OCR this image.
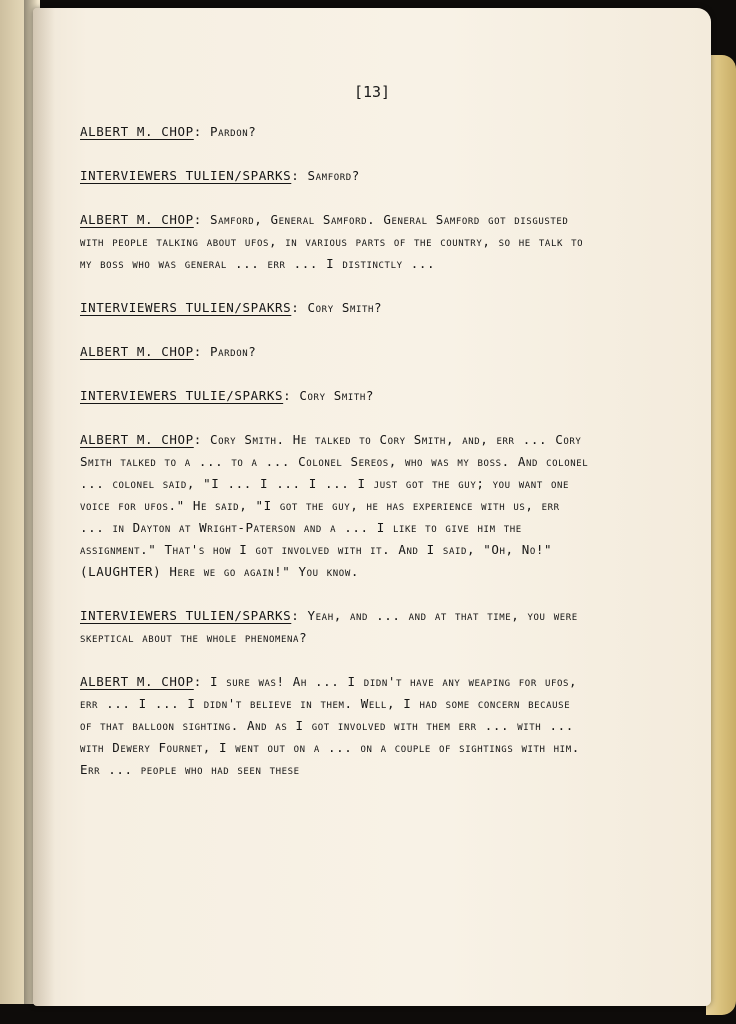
[13]

ALBERT M. CHOP: Pardon?

INTERVIEWERS TULIEN/SPARKS: Samford?

ALBERT M. CHOP: Samford, General Samford. General Samford got disgusted with people talking about ufos, in various parts of the country, so he talk to my boss who was general ... err ... I distinctly ...

INTERVIEWERS TULIEN/SPAKRS: Cory Smith?

ALBERT M. CHOP: Pardon?

INTERVIEWERS TULIE/SPARKS: Cory Smith?

ALBERT M. CHOP: Cory Smith. He talked to Cory Smith, and, err ... Cory Smith talked to a ... to a ... Colonel Sereos, who was my boss. And colonel ... colonel said, "I ... I ... I ... I just got the guy; you want one voice for ufos." He said, "I got the guy, he has experience with us, err ... in Dayton at Wright-Paterson and a ... I like to give him the assignment." That's how I got involved with it. And I said, "Oh, No!" (LAUGHTER) Here we go again!" You know.

INTERVIEWERS TULIEN/SPARKS: Yeah, and ... and at that time, you were skeptical about the whole phenomena?

ALBERT M. CHOP: I sure was! Ah ... I didn't have any weaping for ufos, err ... I ... I didn't believe in them. Well, I had some concern because of that balloon sighting. And as I got involved with them err ... with ... with Dewery Fournet, I went out on a ... on a couple of sightings with him. Err ... people who had seen these
